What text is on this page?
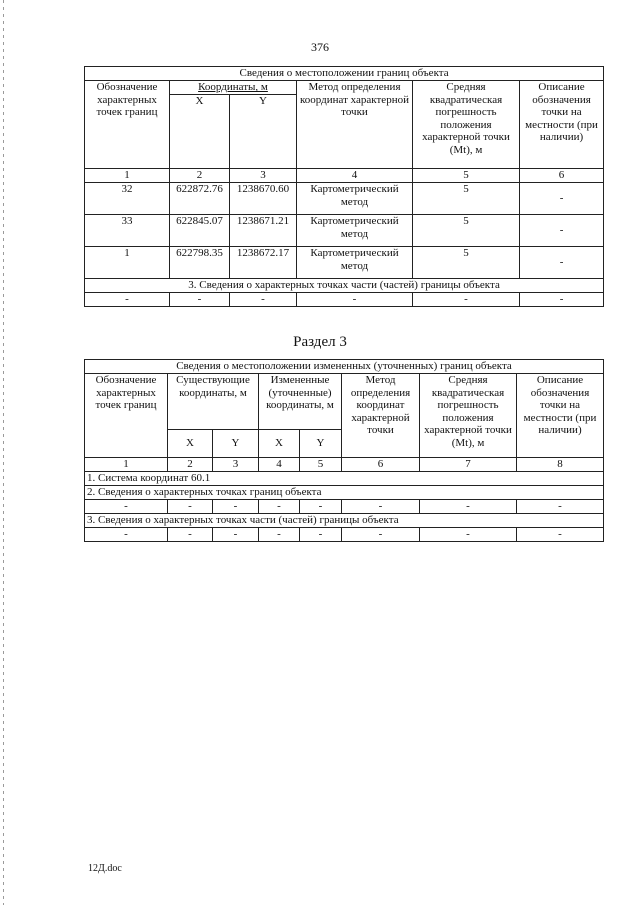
376
Сведения о местоположении границ объекта					
Обозначение характерных точек границ	Координаты, м		Метод определения координат характерной точки	Средняя квадратическая погрешность положения характерной точки (Mt), м	Описание обозначения точки на местности (при наличии)
	X	Y			
1	2	3	4	5	6
32	622872.76	1238670.60	Картометрический метод	5	-
33	622845.07	1238671.21	Картометрический метод	5	-
1	622798.35	1238672.17	Картометрический метод	5	-
3. Сведения о характерных точках части (частей) границы объекта					
-	-	-	-	-	-
Раздел 3
Сведения о местоположении измененных (уточненных) границ объекта							
Обозначение характерных точек границ	Существующие координаты, м		Измененные (уточненные) координаты, м		Метод определения координат характерной точки	Средняя квадратическая погрешность положения характерной точки (Mt), м	Описание обозначения точки на местности (при наличии)
	X	Y	X	Y			
1	2	3	4	5	6	7	8
1. Система координат 60.1							
2. Сведения о характерных точках границ объекта							
-	-	-	-	-	-	-	-
3. Сведения о характерных точках части (частей) границы объекта							
-	-	-	-	-	-	-	-
12Д.doc
